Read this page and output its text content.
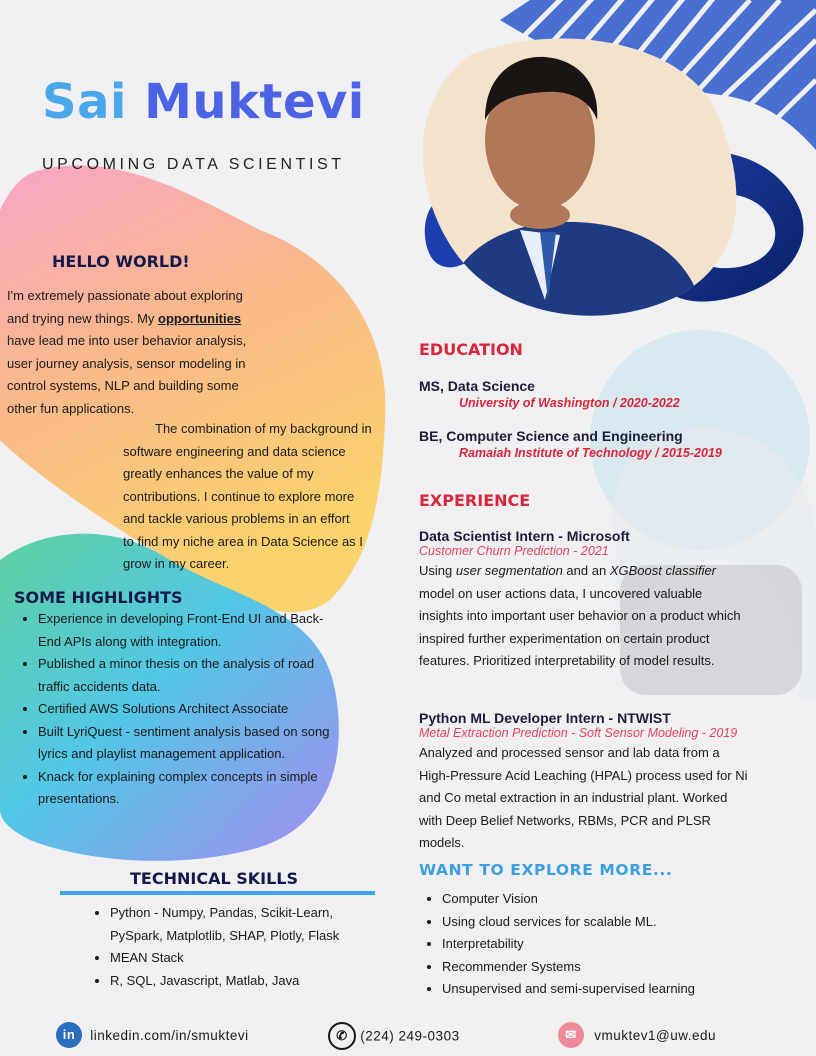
Sai Muktevi
UPCOMING DATA SCIENTIST
HELLO WORLD!
I'm extremely passionate about exploring
and trying new things. My opportunities
have lead me into user behavior analysis,
user journey analysis, sensor modeling in
control systems, NLP and building some
other fun applications.
The combination of my background in
software engineering and data science
greatly enhances the value of my
contributions. I continue to explore more
and tackle various problems in an effort
to find my niche area in Data Science as I
grow in my career.
SOME HIGHLIGHTS
• Experience in developing Front-End UI and Back-End APIs along with integration.
• Published a minor thesis on the analysis of road traffic accidents data.
• Certified AWS Solutions Architect Associate
• Built LyriQuest - sentiment analysis based on song lyrics and playlist management application.
• Knack for explaining complex concepts in simple presentations.
TECHNICAL SKILLS
• Python - Numpy, Pandas, Scikit-Learn, PySpark, Matplotlib, SHAP, Plotly, Flask
• MEAN Stack
• R, SQL, Javascript, Matlab, Java
EDUCATION
MS, Data Science
University of Washington / 2020-2022
BE, Computer Science and Engineering
Ramaiah Institute of Technology / 2015-2019
EXPERIENCE
Data Scientist Intern - Microsoft
Customer Churn Prediction - 2021
Using user segmentation and an XGBoost classifier model on user actions data, I uncovered valuable insights into important user behavior on a product which inspired further experimentation on certain product features. Prioritized interpretability of model results.
Python ML Developer Intern - NTWIST
Metal Extraction Prediction - Soft Sensor Modeling - 2019
Analyzed and processed sensor and lab data from a High-Pressure Acid Leaching (HPAL) process used for Ni and Co metal extraction in an industrial plant. Worked with Deep Belief Networks, RBMs, PCR and PLSR models.
WANT TO EXPLORE MORE...
• Computer Vision
• Using cloud services for scalable ML.
• Interpretability
• Recommender Systems
• Unsupervised and semi-supervised learning
in linkedin.com/in/smuktevi	✆ (224) 249-0303	✉ vmuktev1@uw.edu
